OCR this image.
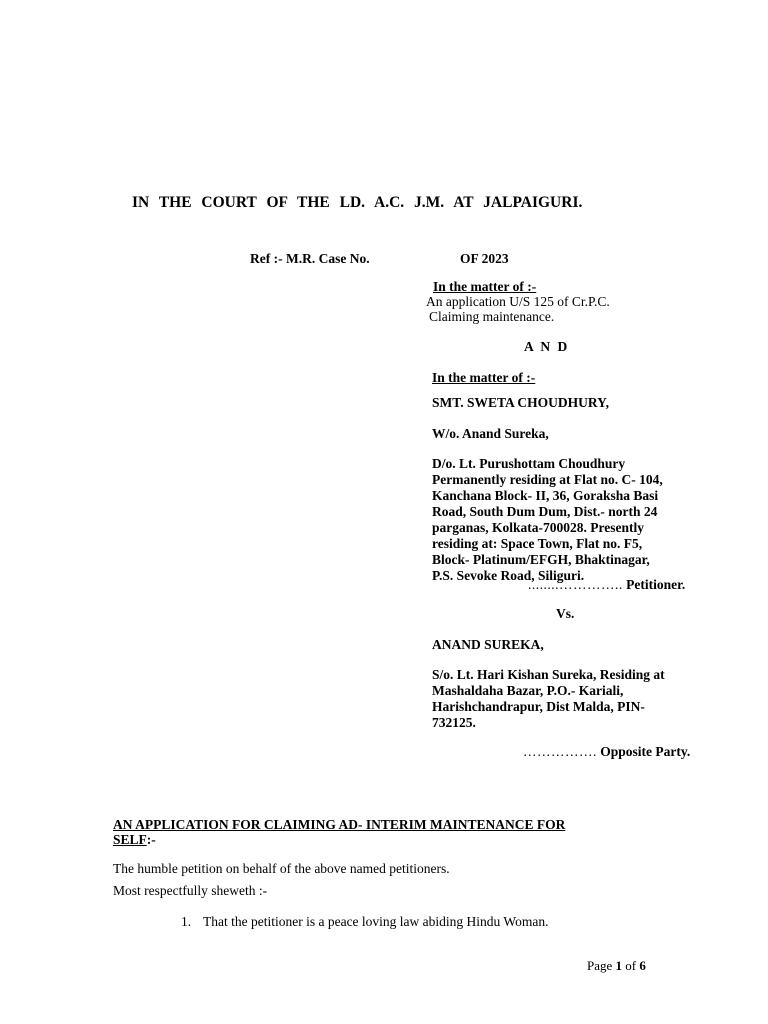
IN THE COURT OF THE LD. A.C. J.M. AT JALPAIGURI.
Ref :- M.R. Case No.	OF 2023
In the matter of :-
An application U/S 125 of Cr.P.C.
Claiming maintenance.
A N D
In the matter of :-
SMT. SWETA CHOUDHURY,
W/o. Anand Sureka,
D/o. Lt. Purushottam Choudhury
Permanently residing at Flat no. C- 104,
Kanchana Block- II, 36, Goraksha Basi
Road, South Dum Dum, Dist.- north 24
parganas, Kolkata-700028. Presently
residing at: Space Town, Flat no. F5,
Block- Platinum/EFGH, Bhaktinagar,
P.S. Sevoke Road, Siliguri.
........………….. Petitioner.
Vs.
ANAND SUREKA,
S/o. Lt. Hari Kishan Sureka, Residing at
Mashaldaha Bazar, P.O.- Kariali,
Harishchandrapur, Dist Malda, PIN-
732125.
……………. Opposite Party.
AN APPLICATION FOR CLAIMING AD- INTERIM MAINTENANCE FOR
SELF:-
The humble petition on behalf of the above named petitioners.
Most respectfully sheweth :-
1. That the petitioner is a peace loving law abiding Hindu Woman.
Page 1 of 6
